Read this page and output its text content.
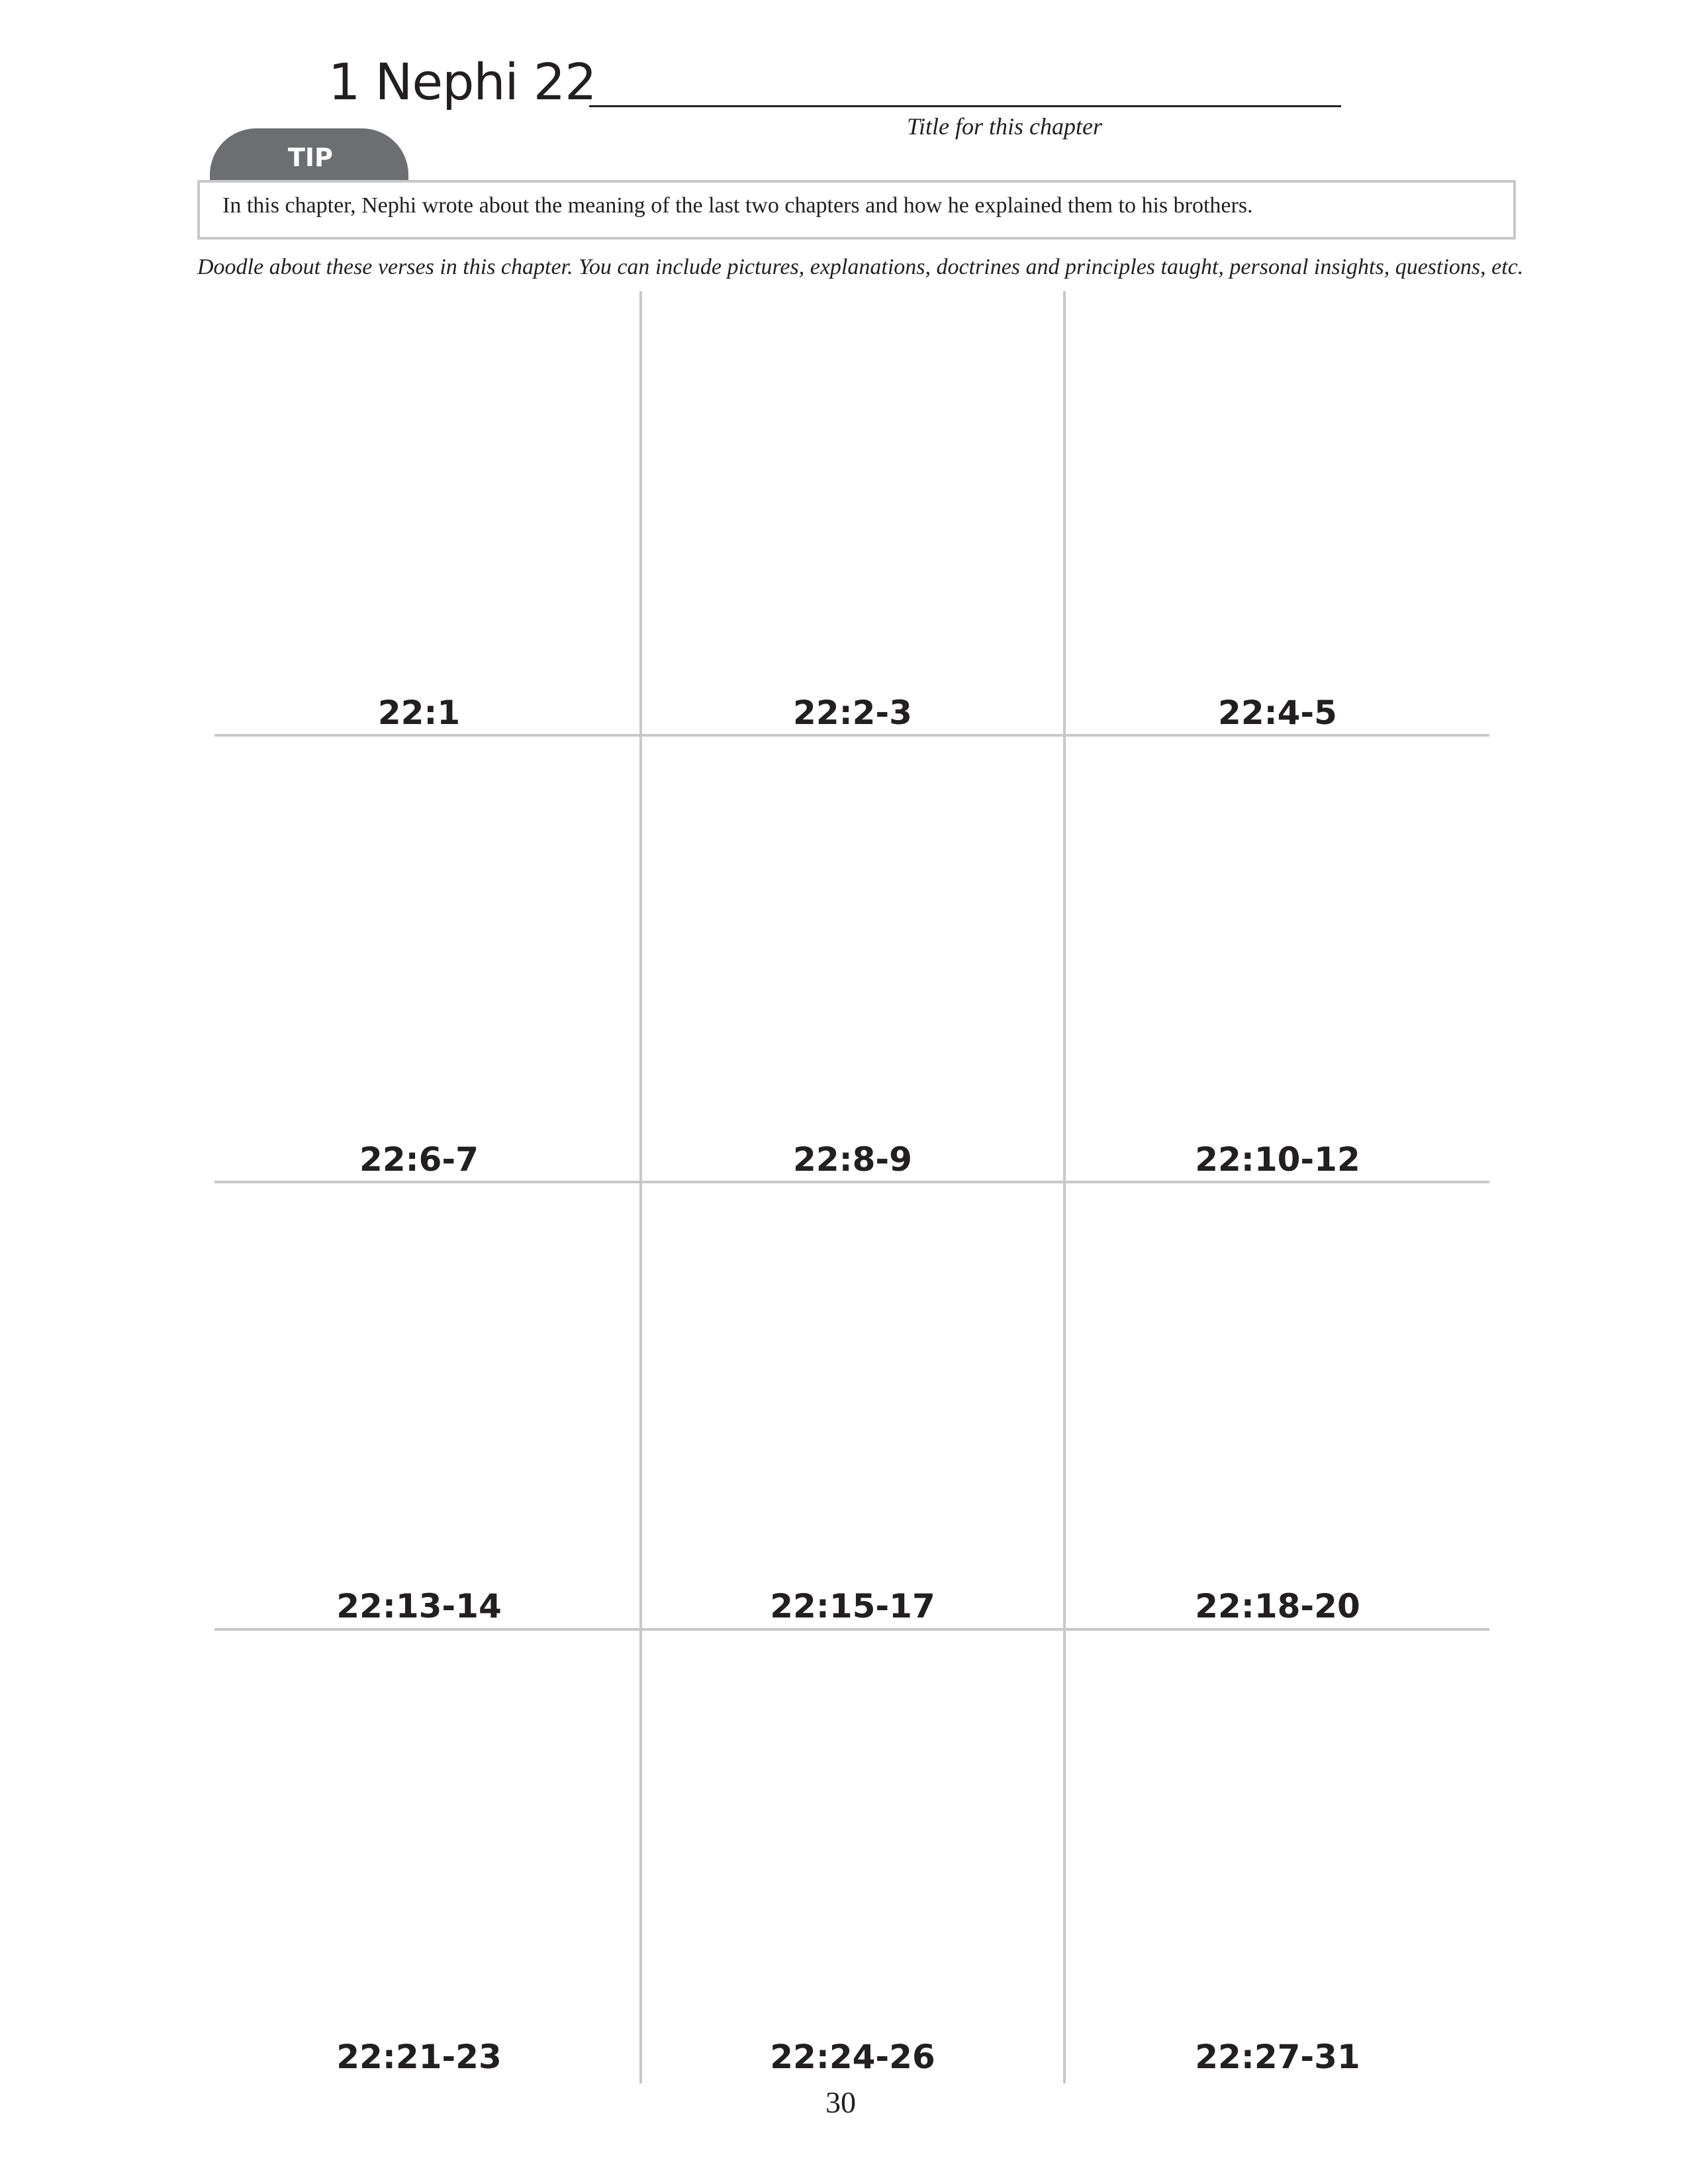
1 Nephi 22
Title for this chapter
TIP
In this chapter, Nephi wrote about the meaning of the last two chapters and how he explained them to his brothers.
Doodle about these verses in this chapter. You can include pictures, explanations, doctrines and principles taught, personal insights, questions, etc.
22:1	22:2-3	22:4-5
22:6-7	22:8-9	22:10-12
22:13-14	22:15-17	22:18-20
22:21-23	22:24-26	22:27-31
30
